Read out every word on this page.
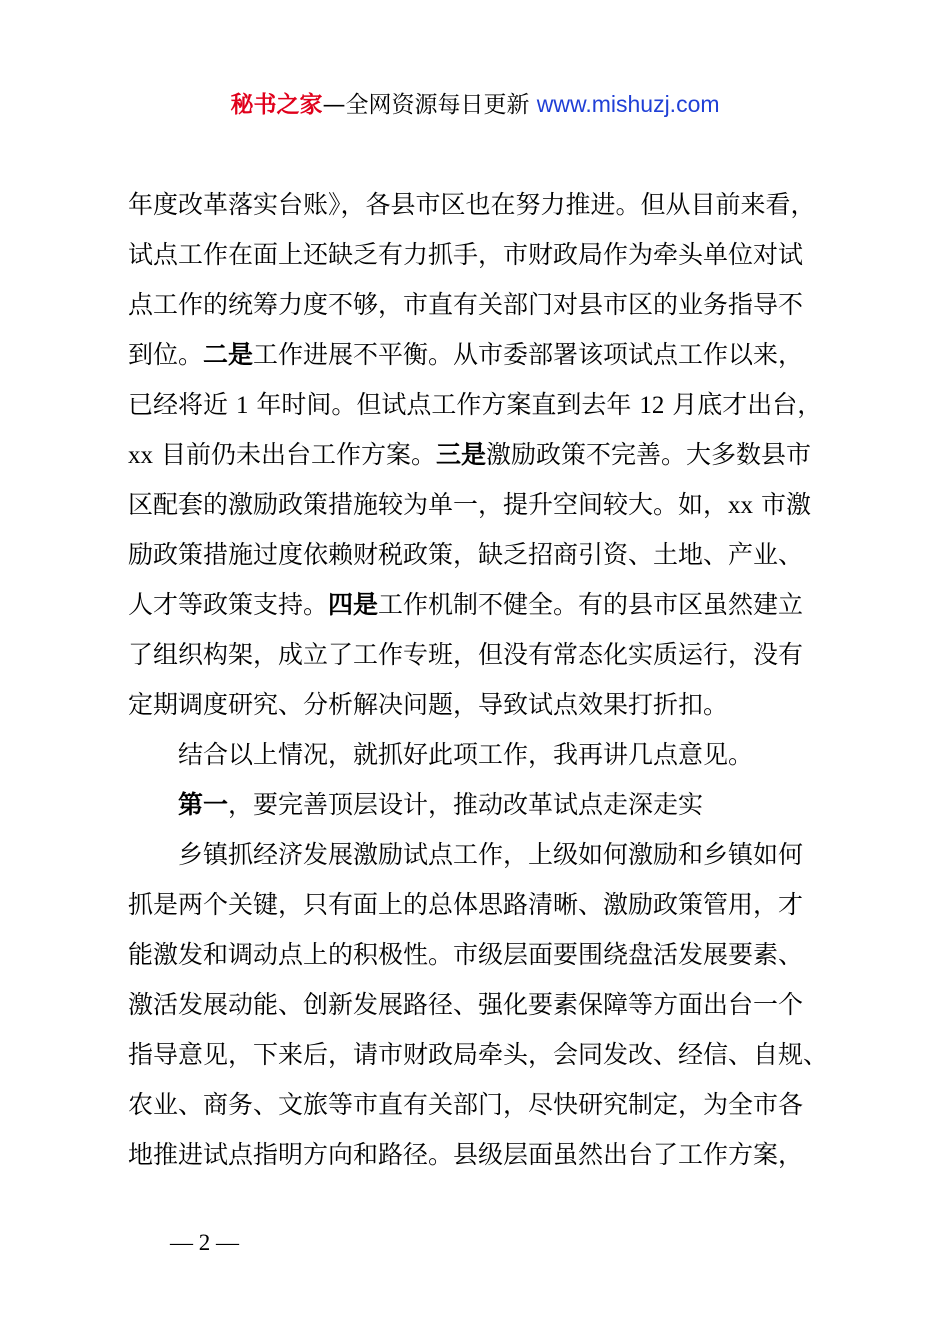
秘书之家—全网资源每日更新 www.mishuzj.com
年度改革落实台账》，各县市区也在努力推进。但从目前来看，
试点工作在面上还缺乏有力抓手，市财政局作为牵头单位对试
点工作的统筹力度不够，市直有关部门对县市区的业务指导不
到位。二是工作进展不平衡。从市委部署该项试点工作以来，
已经将近 1 年时间。但试点工作方案直到去年 12 月底才出台，
xx 目前仍未出台工作方案。三是激励政策不完善。大多数县市
区配套的激励政策措施较为单一，提升空间较大。如，xx 市激
励政策措施过度依赖财税政策，缺乏招商引资、土地、产业、
人才等政策支持。四是工作机制不健全。有的县市区虽然建立
了组织构架，成立了工作专班，但没有常态化实质运行，没有
定期调度研究、分析解决问题，导致试点效果打折扣。
结合以上情况，就抓好此项工作，我再讲几点意见。
第一，要完善顶层设计，推动改革试点走深走实
乡镇抓经济发展激励试点工作，上级如何激励和乡镇如何
抓是两个关键，只有面上的总体思路清晰、激励政策管用，才
能激发和调动点上的积极性。市级层面要围绕盘活发展要素、
激活发展动能、创新发展路径、强化要素保障等方面出台一个
指导意见，下来后，请市财政局牵头，会同发改、经信、自规、
农业、商务、文旅等市直有关部门，尽快研究制定，为全市各
地推进试点指明方向和路径。县级层面虽然出台了工作方案，
— 2 —
